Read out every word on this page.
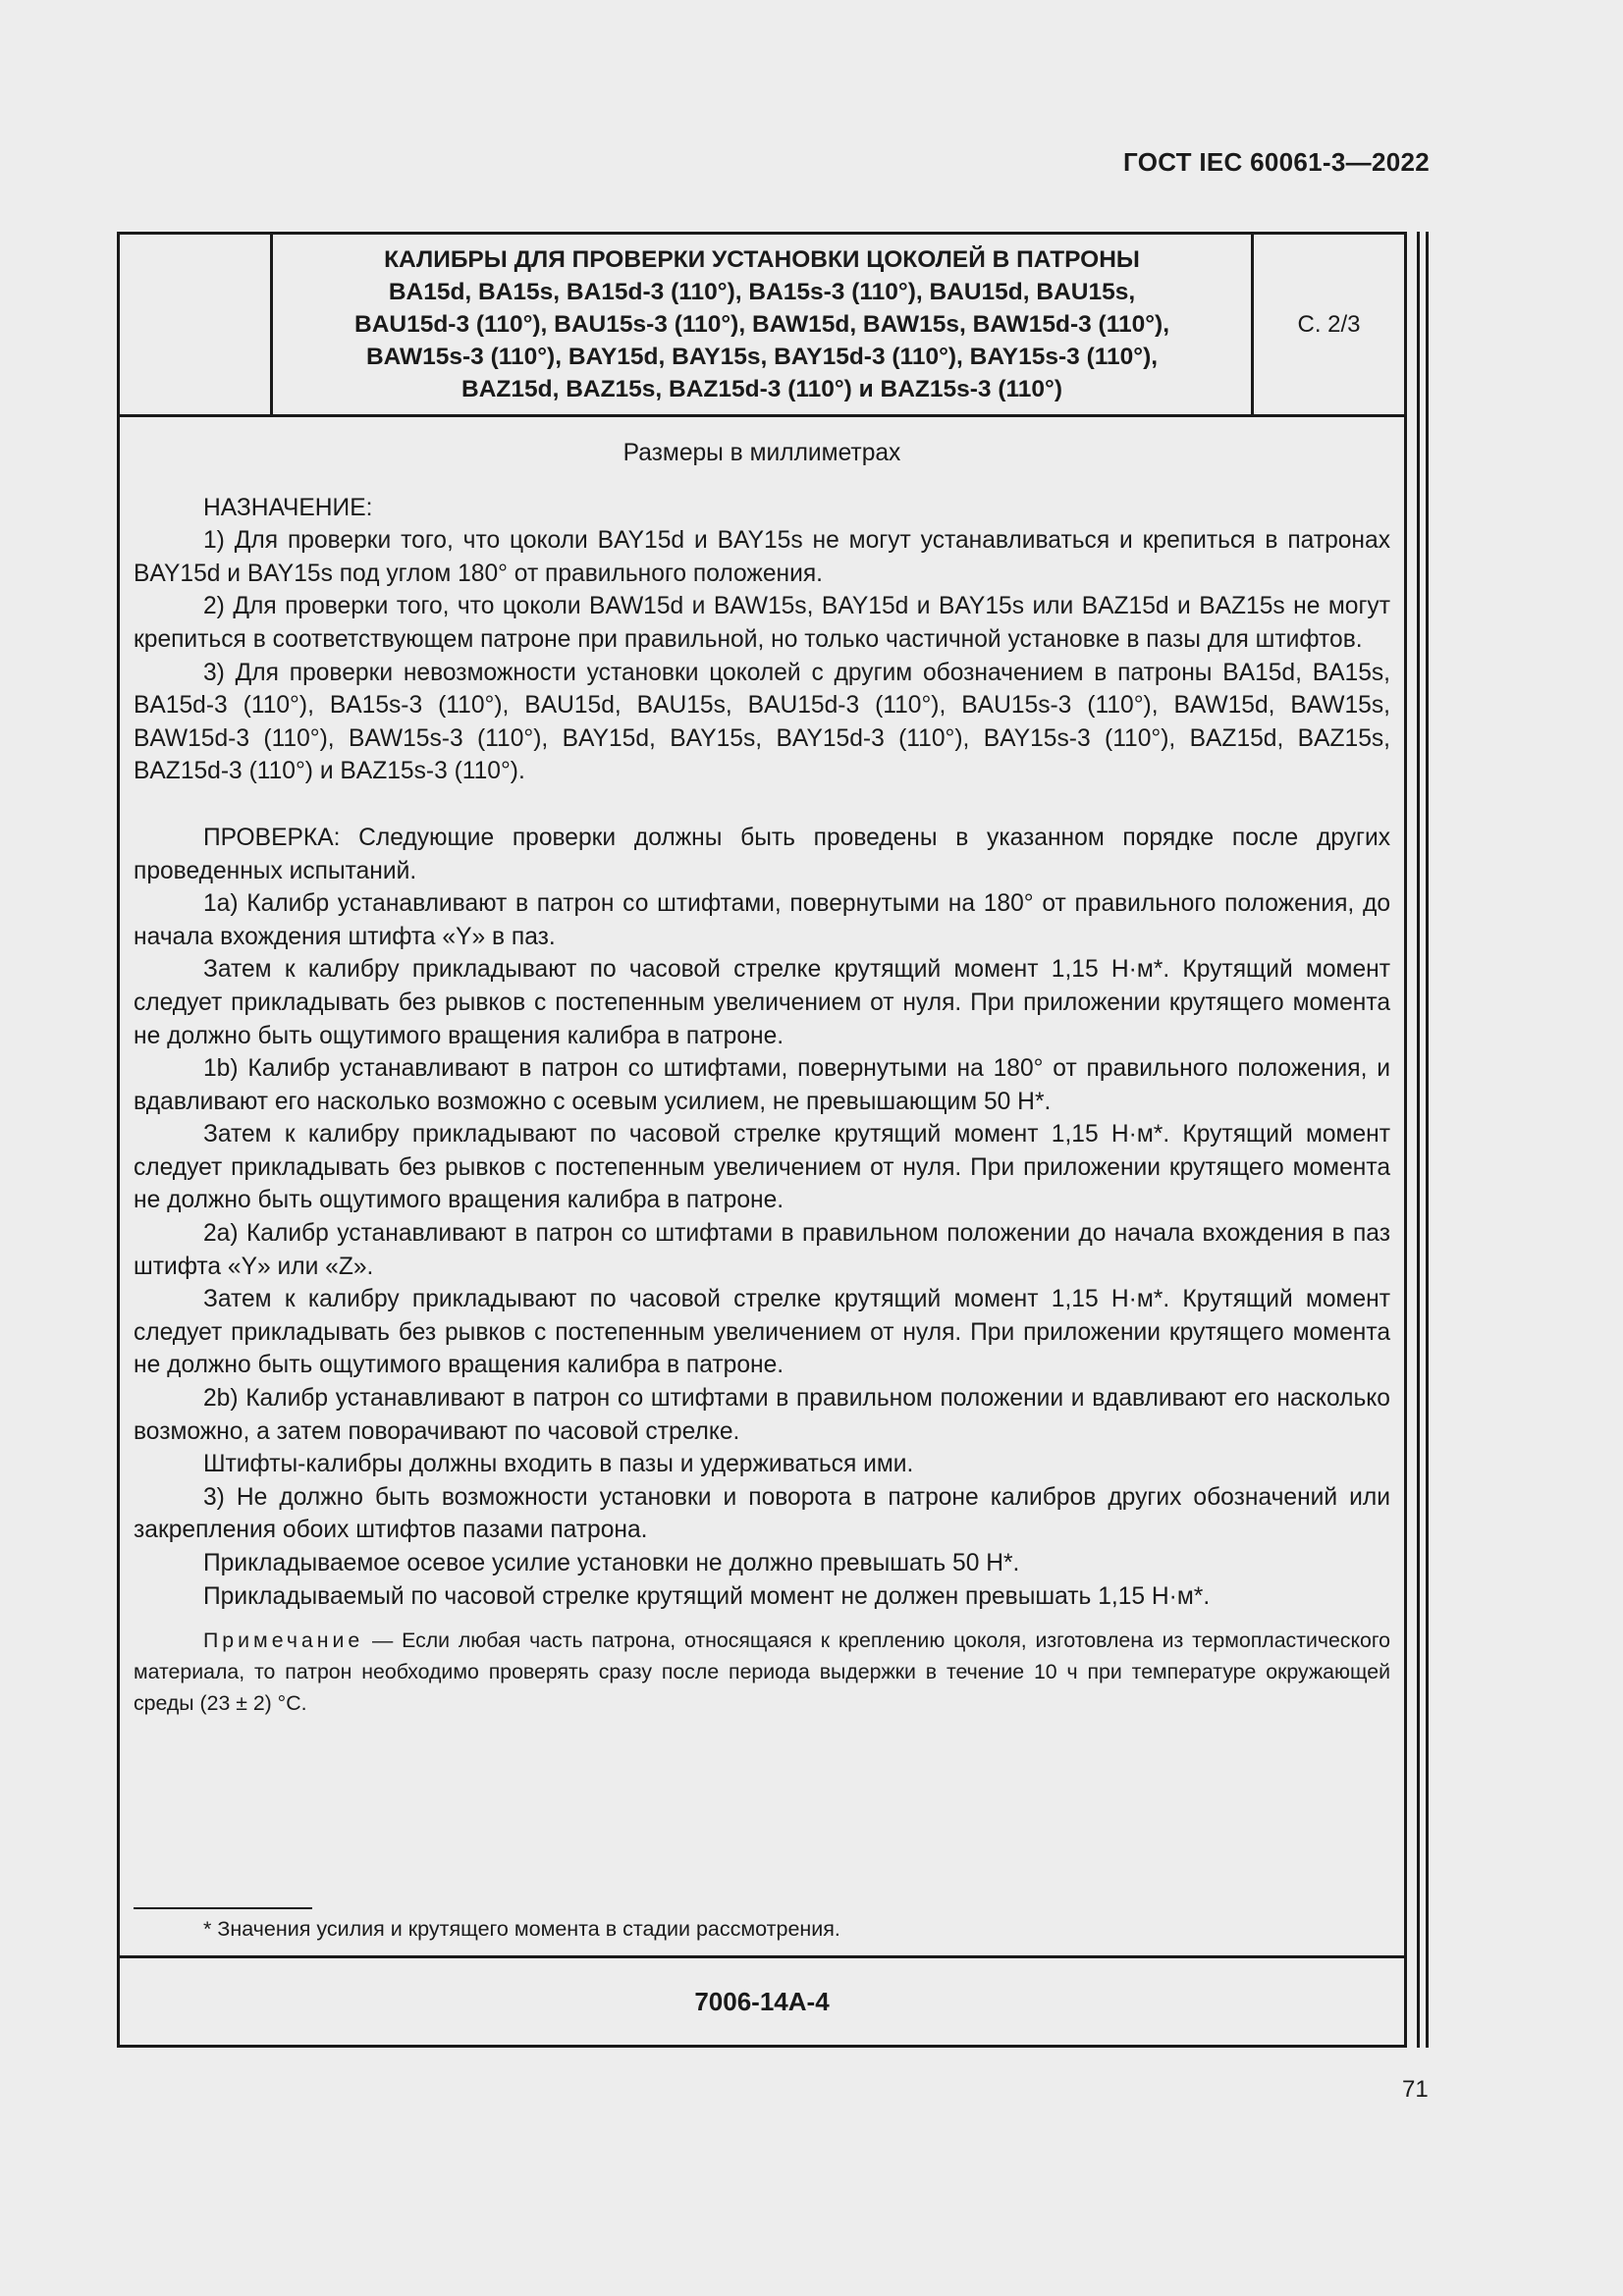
ГОСТ IEC 60061-3—2022
КАЛИБРЫ ДЛЯ ПРОВЕРКИ УСТАНОВКИ ЦОКОЛЕЙ В ПАТРОНЫ
BA15d, BA15s, BA15d-3 (110°), BA15s-3 (110°), BAU15d, BAU15s,
BAU15d-3 (110°), BAU15s-3 (110°), BAW15d, BAW15s, BAW15d-3 (110°),
BAW15s-3 (110°), BAY15d, BAY15s, BAY15d-3 (110°), BAY15s-3 (110°),
BAZ15d, BAZ15s, BAZ15d-3 (110°) и BAZ15s-3 (110°)
С. 2/3
Размеры в миллиметрах

НАЗНАЧЕНИЕ:

1) Для проверки того, что цоколи BAY15d и BAY15s не могут устанавливаться и крепиться в патронах BAY15d и BAY15s под углом 180° от правильного положения.

2) Для проверки того, что цоколи BAW15d и BAW15s, BAY15d и BAY15s или BAZ15d и BAZ15s не могут крепиться в соответствующем патроне при правильной, но только частичной установке в пазы для штифтов.

3) Для проверки невозможности установки цоколей с другим обозначением в патроны BA15d, BA15s, BA15d-3 (110°), BA15s-3 (110°), BAU15d, BAU15s, BAU15d-3 (110°), BAU15s-3 (110°), BAW15d, BAW15s, BAW15d-3 (110°), BAW15s-3 (110°), BAY15d, BAY15s, BAY15d-3 (110°), BAY15s-3 (110°), BAZ15d, BAZ15s, BAZ15d-3 (110°) и BAZ15s-3 (110°).

ПРОВЕРКА: Следующие проверки должны быть проведены в указанном порядке после других проведенных испытаний.

1a) Калибр устанавливают в патрон со штифтами, повернутыми на 180° от правильного положения, до начала вхождения штифта «Y» в паз.

Затем к калибру прикладывают по часовой стрелке крутящий момент 1,15 Н·м*. Крутящий момент следует прикладывать без рывков с постепенным увеличением от нуля. При приложении крутящего момента не должно быть ощутимого вращения калибра в патроне.

1b) Калибр устанавливают в патрон со штифтами, повернутыми на 180° от правильного положения, и вдавливают его насколько возможно с осевым усилием, не превышающим 50 Н*.

Затем к калибру прикладывают по часовой стрелке крутящий момент 1,15 Н·м*. Крутящий момент следует прикладывать без рывков с постепенным увеличением от нуля. При приложении крутящего момента не должно быть ощутимого вращения калибра в патроне.

2a) Калибр устанавливают в патрон со штифтами в правильном положении до начала вхождения в паз штифта «Y» или «Z».

Затем к калибру прикладывают по часовой стрелке крутящий момент 1,15 Н·м*. Крутящий момент следует прикладывать без рывков с постепенным увеличением от нуля. При приложении крутящего момента не должно быть ощутимого вращения калибра в патроне.

2b) Калибр устанавливают в патрон со штифтами в правильном положении и вдавливают его насколько возможно, а затем поворачивают по часовой стрелке.

Штифты-калибры должны входить в пазы и удерживаться ими.

3) Не должно быть возможности установки и поворота в патроне калибров других обозначений или закрепления обоих штифтов пазами патрона.

Прикладываемое осевое усилие установки не должно превышать 50 Н*.

Прикладываемый по часовой стрелке крутящий момент не должен превышать 1,15 Н·м*.

Примечание — Если любая часть патрона, относящаяся к креплению цоколя, изготовлена из термопластического материала, то патрон необходимо проверять сразу после периода выдержки в течение 10 ч при температуре окружающей среды (23 ± 2) °С.

* Значения усилия и крутящего момента в стадии рассмотрения.
7006-14A-4
71
